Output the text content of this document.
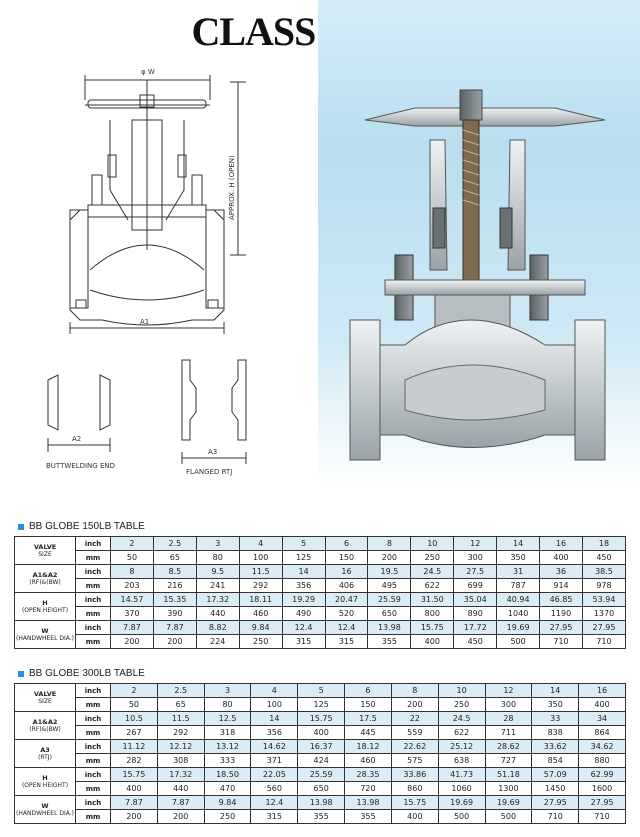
CLASS
φ W
APPROX. H (OPEN)
A1
A2
BUTTWELDING END
A3
FLANGED RTJ
BB GLOBE 150LB TABLE
VALVE
SIZE	inch	2	2.5	3	4	5	6	8	10	12	14	16	18
	mm	50	65	80	100	125	150	200	250	300	350	400	450

A1&A2
(RF)&(BW)	inch	8	8.5	9.5	11.5	14	16	19.5	24.5	27.5	31	36	38.5
	mm	203	216	241	292	356	406	495	622	699	787	914	978

H
(OPEN HEIGHT)	inch	14.57	15.35	17.32	18.11	19.29	20.47	25.59	31.50	35.04	40.94	46.85	53.94
	mm	370	390	440	460	490	520	650	800	890	1040	1190	1370

W
(HANDWHEEL DIA.)	inch	7.87	7.87	8.82	9.84	12.4	12.4	13.98	15.75	17.72	19.69	27.95	27.95
	mm	200	200	224	250	315	315	355	400	450	500	710	710
BB GLOBE 300LB TABLE
VALVE
SIZE	inch	2	2.5	3	4	5	6	8	10	12	14	16
	mm	50	65	80	100	125	150	200	250	300	350	400

A1&A2
(RF)&(BW)	inch	10.5	11.5	12.5	14	15.75	17.5	22	24.5	28	33	34
	mm	267	292	318	356	400	445	559	622	711	838	864

A3
(RTJ)	inch	11.12	12.12	13.12	14.62	16.37	18.12	22.62	25.12	28.62	33.62	34.62
	mm	282	308	333	371	424	460	575	638	727	854	880

H
(OPEN HEIGHT)	inch	15.75	17.32	18.50	22.05	25.59	28.35	33.86	41.73	51.18	57.09	62.99
	mm	400	440	470	560	650	720	860	1060	1300	1450	1600

W
(HANDWHEEL DIA.)	inch	7.87	7.87	9.84	12.4	13.98	13.98	15.75	19.69	19.69	27.95	27.95
	mm	200	200	250	315	355	355	400	500	500	710	710
